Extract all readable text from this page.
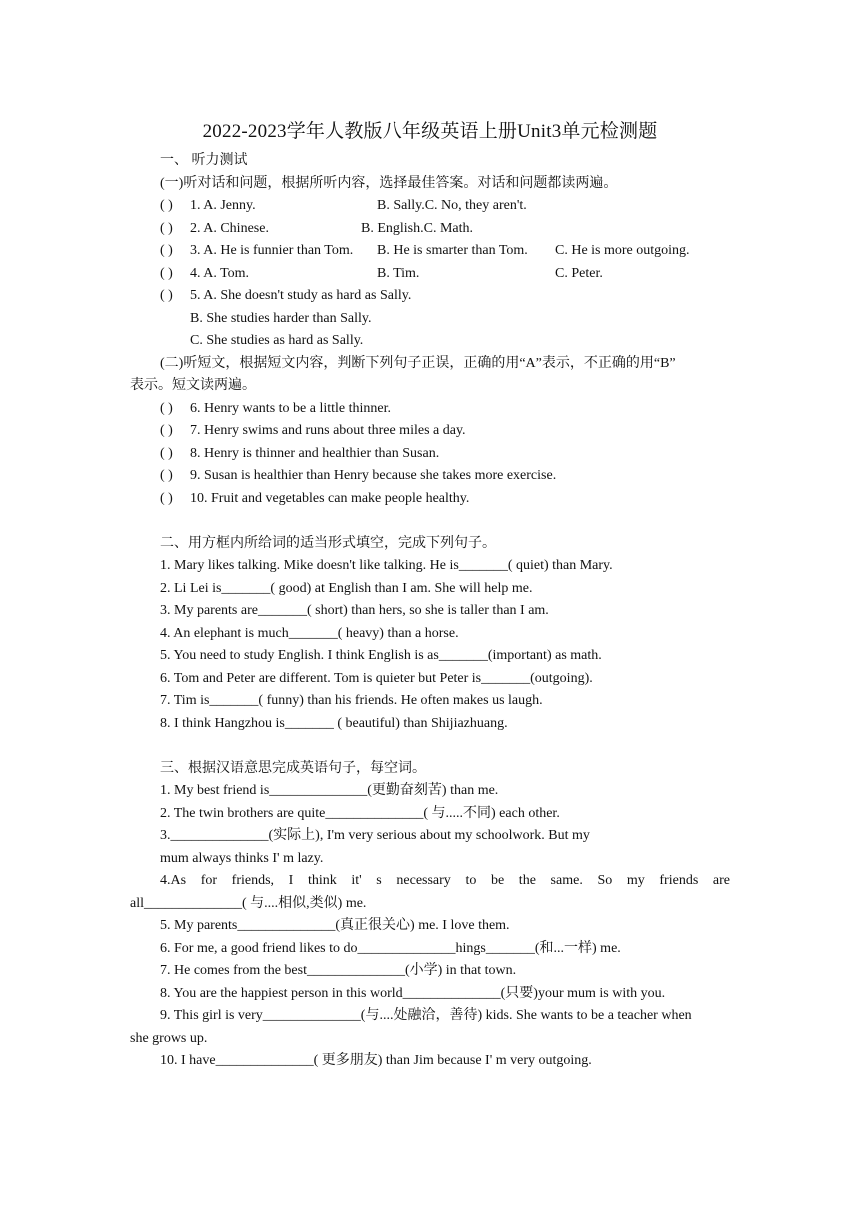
2022-2023学年人教版八年级英语上册Unit3单元检测题
一、 听力测试
(一)听对话和问题，根据所听内容，选择最佳答案。对话和问题都读两遍。
( ) 1. A. Jenny.	B. Sally.C. No, they aren't.
( ) 2. A. Chinese.	B. English.C. Math.
( ) 3. A. He is funnier than Tom. B. He is smarter than Tom. C. He is more outgoing.
( ) 4. A. Tom.	B. Tim.	C. Peter.
( ) 5. A. She doesn't study as hard as Sally.
B. She studies harder than Sally.
C. She studies as hard as Sally.
(二)听短文，根据短文内容，判断下列句子正误，正确的用“A”表示，不正确的用“B”
表示。短文读两遍。
( ) 6. Henry wants to be a little thinner.
( ) 7. Henry swims and runs about three miles a day.
( ) 8. Henry is thinner and healthier than Susan.
( ) 9. Susan is healthier than Henry because she takes more exercise.
( ) 10. Fruit and vegetables can make people healthy.
二、用方框内所给词的适当形式填空，完成下列句子。
1. Mary likes talking. Mike doesn't like talking. He is_______( quiet) than Mary.
2. Li Lei is_______( good) at English than I am. She will help me.
3. My parents are_______( short) than hers, so she is taller than I am.
4. An elephant is much_______( heavy) than a horse.
5. You need to study English. I think English is as_______(important) as math.
6. Tom and Peter are different. Tom is quieter but Peter is_______(outgoing).
7. Tim is_______( funny) than his friends. He often makes us laugh.
8. I think Hangzhou is_______ ( beautiful) than Shijiazhuang.
三、根据汉语意思完成英语句子，每空词。
1. My best friend is______________(更勤奋刻苦) than me.
2. The twin brothers are quite______________( 与.....不同) each other.
3.______________(实际上), I'm very serious about my schoolwork. But my
mum always thinks I' m lazy.
4.As for friends, I think it' s necessary to be the same. So my friends are
all______________( 与....相似,类似) me.
5. My parents______________(真正很关心) me. I love them.
6. For me, a good friend likes to do______________hings_______(和...一样) me.
7. He comes from the best______________(小学) in that town.
8. You are the happiest person in this world______________(只要)your mum is with you.
9. This girl is very______________(与....处融洽，善待) kids. She wants to be a teacher when
she grows up.
10. I have______________( 更多朋友) than Jim because I' m very outgoing.
